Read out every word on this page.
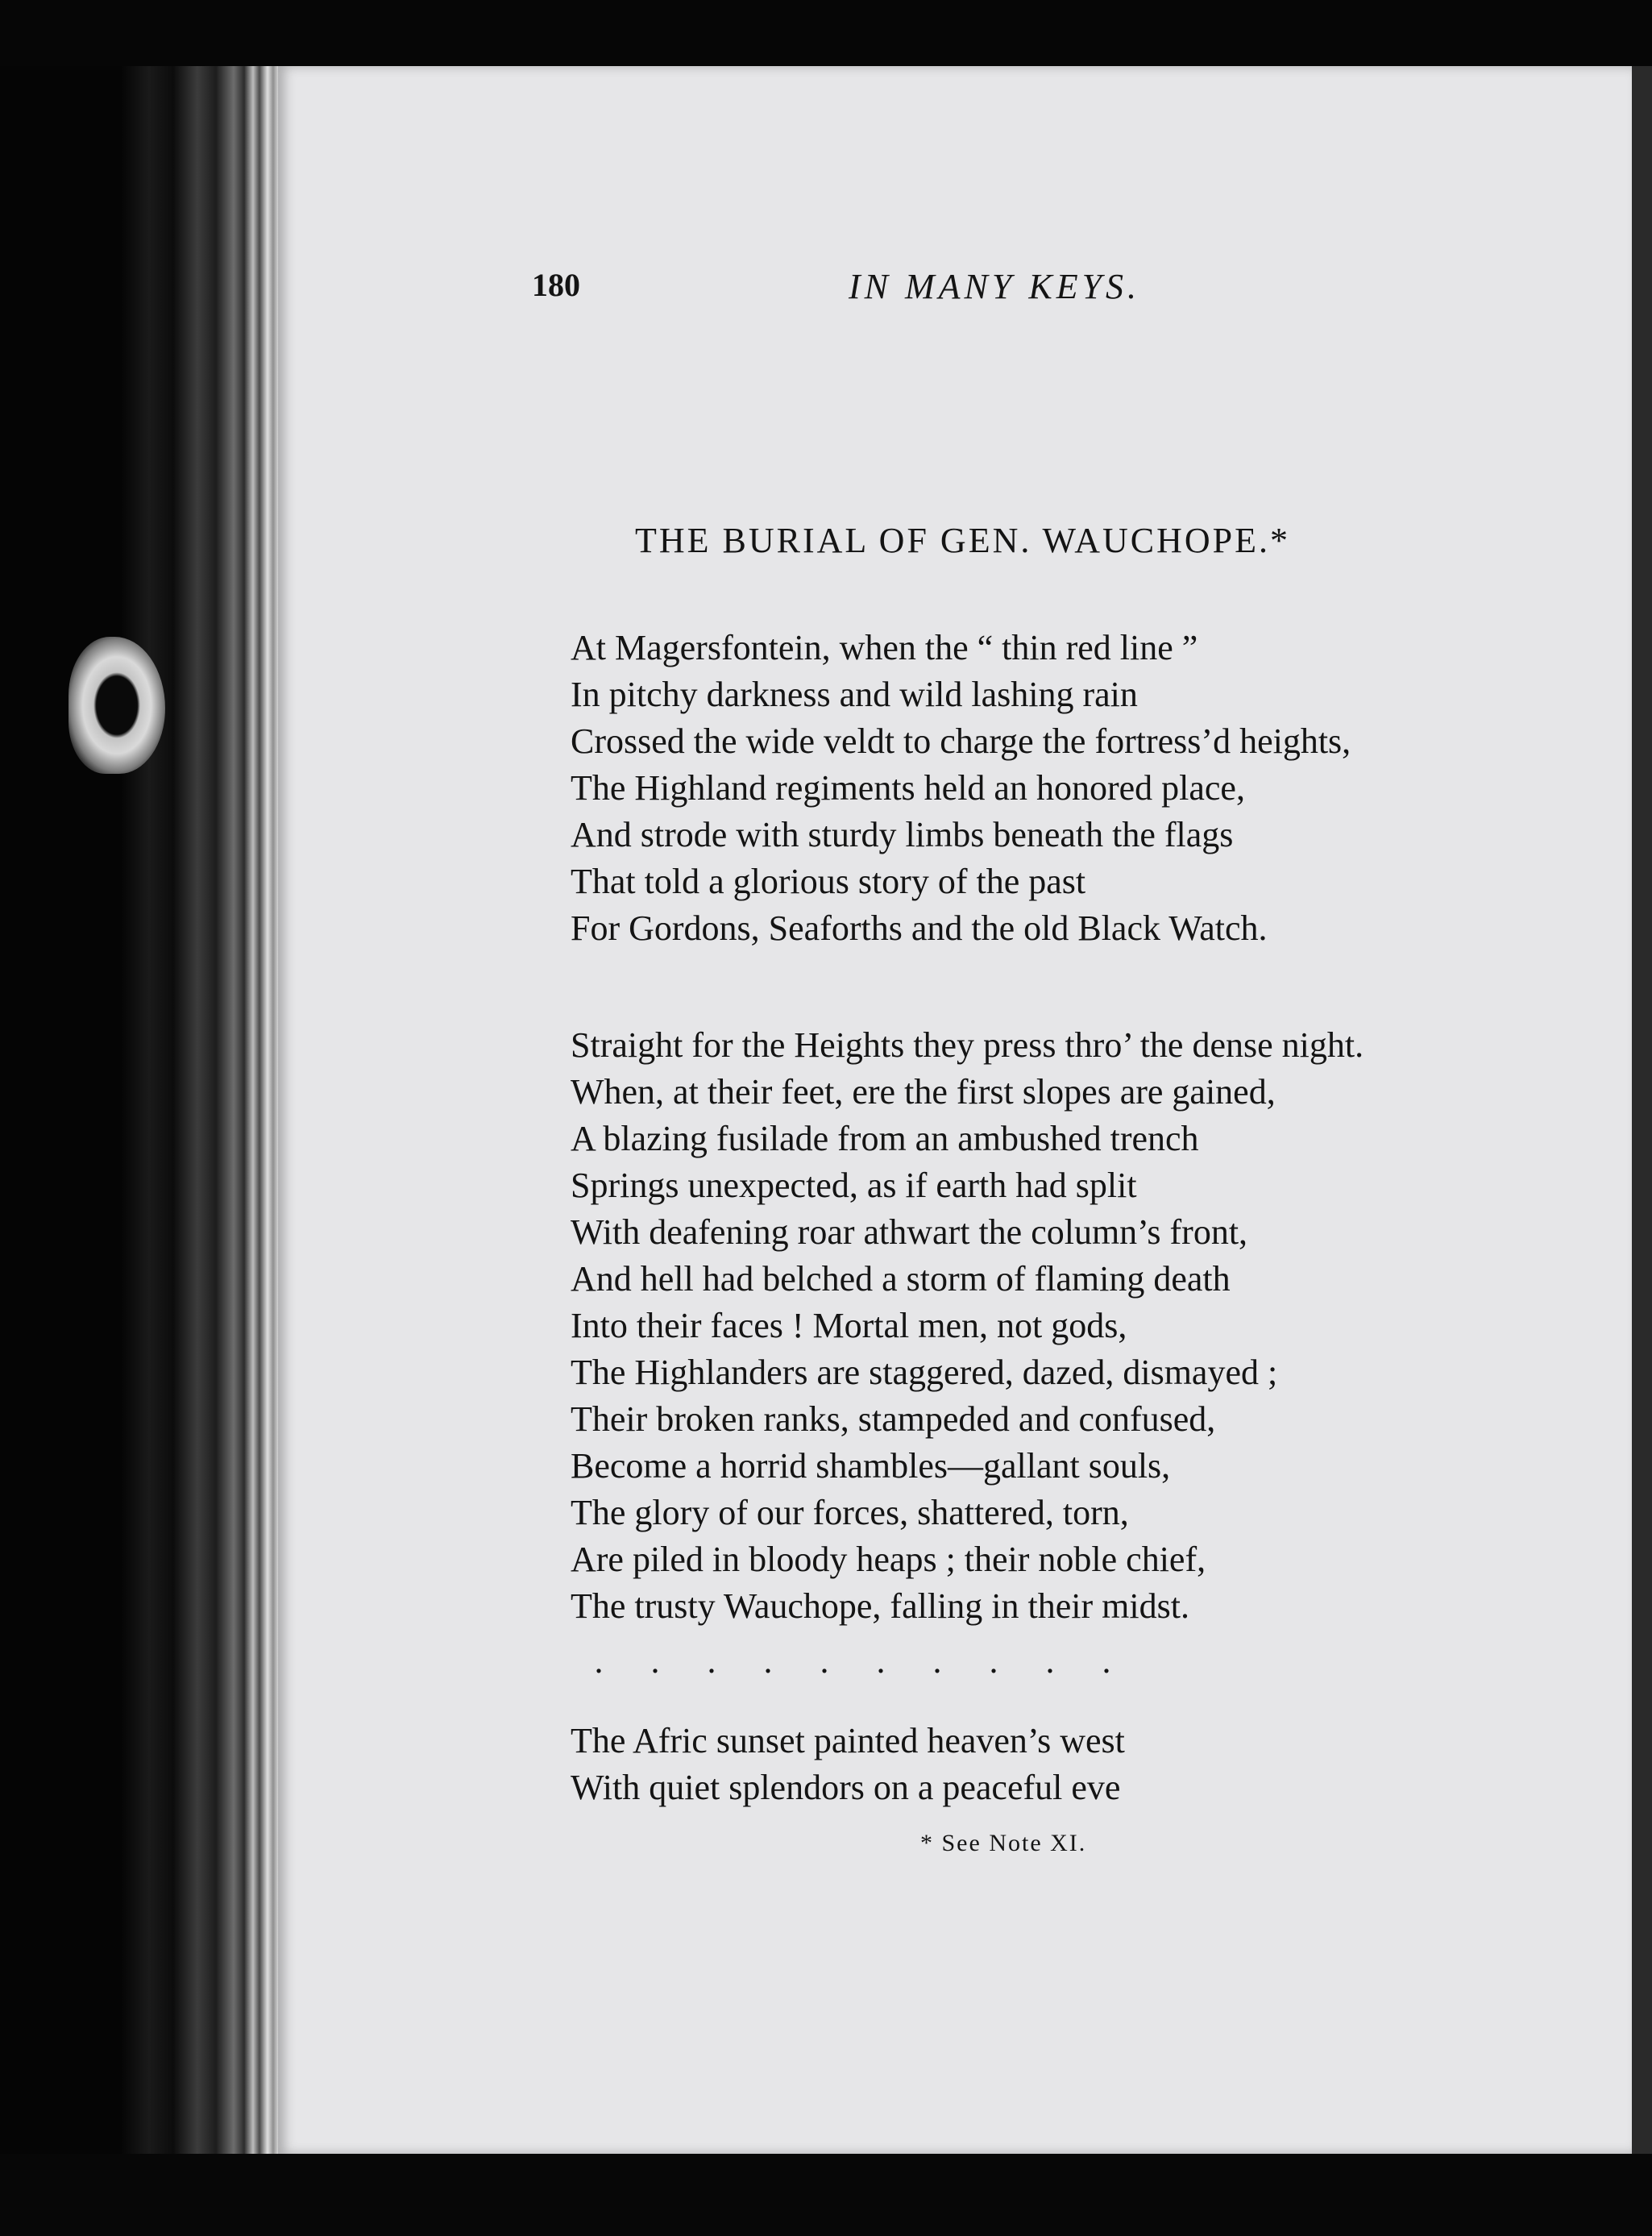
180	IN MANY KEYS.
THE BURIAL OF GEN. WAUCHOPE.*
At Magersfontein, when the “ thin red line ”
In pitchy darkness and wild lashing rain
Crossed the wide veldt to charge the fortress’d heights,
The Highland regiments held an honored place,
And strode with sturdy limbs beneath the flags
That told a glorious story of the past
For Gordons, Seaforths and the old Black Watch.
Straight for the Heights they press thro’ the dense night.
When, at their feet, ere the first slopes are gained,
A blazing fusilade from an ambushed trench
Springs unexpected, as if earth had split
With deafening roar athwart the column’s front,
And hell had belched a storm of flaming death
Into their faces ! Mortal men, not gods,
The Highlanders are staggered, dazed, dismayed ;
Their broken ranks, stampeded and confused,
Become a horrid shambles—gallant souls,
The glory of our forces, shattered, torn,
Are piled in bloody heaps ; their noble chief,
The trusty Wauchope, falling in their midst.
. . . . . . . . . .
The Afric sunset painted heaven’s west
With quiet splendors on a peaceful eve
* See Note XI.
